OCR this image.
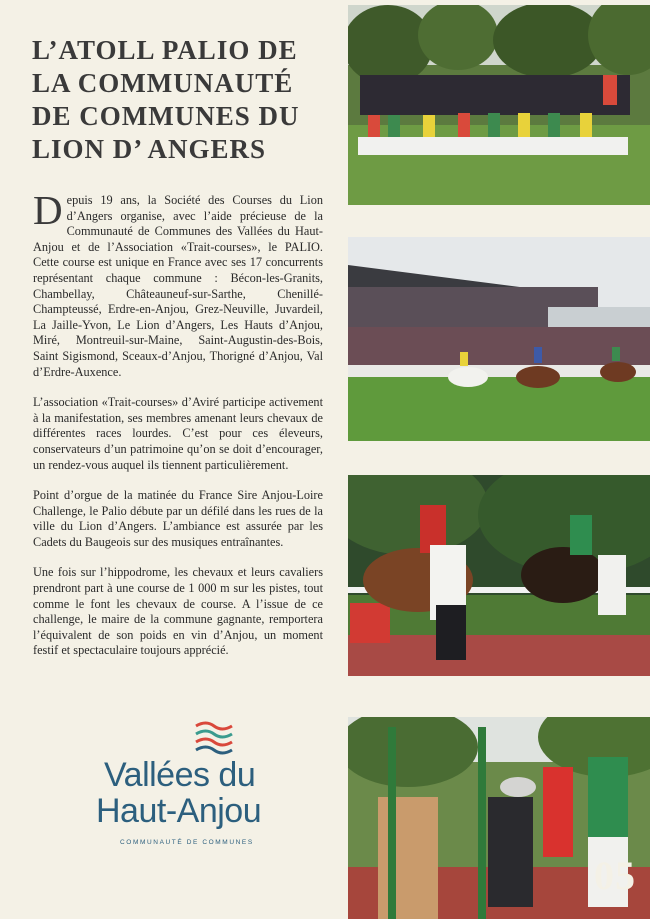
L’ATOLL PALIO DE LA COMMUNAUTÉ DE COMMUNES DU LION D’ ANGERS

Depuis 19 ans, la Société des Courses du Lion d’Angers organise, avec l’aide précieuse de la Communauté de Communes des Vallées du Haut-Anjou et de l’Association «Trait-courses», le PALIO. Cette course est unique en France avec ses 17 concurrents représentant chaque commune : Bécon-les-Granits, Chambellay, Châteauneuf-sur-Sarthe, Chenillé-Champteussé, Erdre-en-Anjou, Grez-Neuville, Juvardeil, La Jaille-Yvon, Le Lion d’Angers, Les Hauts d’Anjou, Miré, Montreuil-sur-Maine, Saint-Augustin-des-Bois, Saint Sigismond, Sceaux-d’Anjou, Thorigné d’Anjou, Val d’Erdre-Auxence.

L’association «Trait-courses» d’Aviré participe activement à la manifestation, ses membres amenant leurs chevaux de différentes races lourdes. C’est pour ces éleveurs, conservateurs d’un patrimoine qu’on se doit d’encourager, un rendez-vous auquel ils tiennent particulièrement.

Point d’orgue de la matinée du France Sire Anjou-Loire Challenge, le Palio débute par un défilé dans les rues de la ville du Lion d’Angers. L’ambiance est assurée par les Cadets du Baugeois sur des musiques entraînantes.

Une fois sur l’hippodrome, les chevaux et leurs cavaliers prendront part à une course de 1 000 m sur les pistes, tout comme le font les chevaux de course. A l’issue de ce challenge, le maire de la commune gagnante, remportera l’équivalent de son poids en vin d’Anjou, un moment festif et spectaculaire toujours apprécié.

Vallées du
Haut-Anjou
COMMUNAUTÉ DE COMMUNES
05
